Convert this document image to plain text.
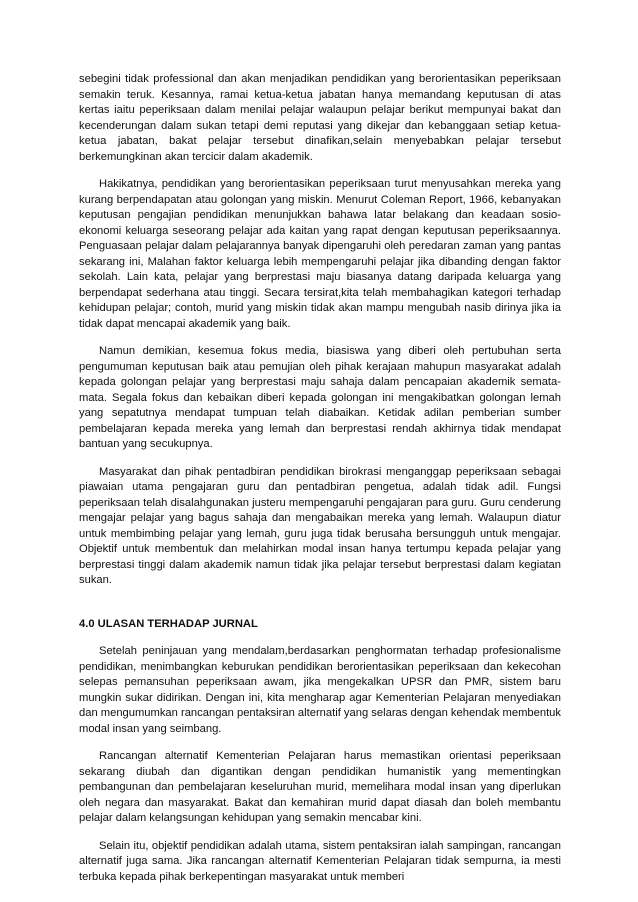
sebegini tidak professional dan akan menjadikan pendidikan yang berorientasikan peperiksaan semakin teruk. Kesannya, ramai ketua-ketua jabatan hanya memandang keputusan di atas kertas iaitu peperiksaan dalam menilai pelajar walaupun pelajar berikut mempunyai bakat dan kecenderungan dalam sukan tetapi demi reputasi yang dikejar dan kebanggaan setiap ketua-ketua jabatan, bakat pelajar tersebut dinafikan,selain menyebabkan pelajar tersebut berkemungkinan akan tercicir dalam akademik.

Hakikatnya, pendidikan yang berorientasikan peperiksaan turut menyusahkan mereka yang kurang berpendapatan atau golongan yang miskin. Menurut Coleman Report, 1966, kebanyakan keputusan pengajian pendidikan menunjukkan bahawa latar belakang dan keadaan sosio-ekonomi keluarga seseorang pelajar ada kaitan yang rapat dengan keputusan peperiksaannya. Penguasaan pelajar dalam pelajarannya banyak dipengaruhi oleh peredaran zaman yang pantas sekarang ini, Malahan faktor keluarga lebih mempengaruhi pelajar jika dibanding dengan faktor sekolah. Lain kata, pelajar yang berprestasi maju biasanya datang daripada keluarga yang berpendapat sederhana atau tinggi. Secara tersirat,kita telah membahagikan kategori terhadap kehidupan pelajar; contoh, murid yang miskin tidak akan mampu mengubah nasib dirinya jika ia tidak dapat mencapai akademik yang baik.

Namun demikian, kesemua fokus media, biasiswa yang diberi oleh pertubuhan serta pengumuman keputusan baik atau pemujian oleh pihak kerajaan mahupun masyarakat adalah kepada golongan pelajar yang berprestasi maju sahaja dalam pencapaian akademik semata-mata. Segala fokus dan kebaikan diberi kepada golongan ini mengakibatkan golongan lemah yang sepatutnya mendapat tumpuan telah diabaikan. Ketidak adilan pemberian sumber pembelajaran kepada mereka yang lemah dan berprestasi rendah akhirnya tidak mendapat bantuan yang secukupnya.

Masyarakat dan pihak pentadbiran pendidikan birokrasi menganggap peperiksaan sebagai piawaian utama pengajaran guru dan pentadbiran pengetua, adalah tidak adil. Fungsi peperiksaan telah disalahgunakan justeru mempengaruhi pengajaran para guru. Guru cenderung mengajar pelajar yang bagus sahaja dan mengabaikan mereka yang lemah. Walaupun diatur untuk membimbing pelajar yang lemah, guru juga tidak berusaha bersungguh untuk mengajar. Objektif untuk membentuk dan melahirkan modal insan hanya tertumpu kepada pelajar yang berprestasi tinggi dalam akademik namun tidak jika pelajar tersebut berprestasi dalam kegiatan sukan.

4.0 ULASAN TERHADAP JURNAL

Setelah peninjauan yang mendalam,berdasarkan penghormatan terhadap profesionalisme pendidikan, menimbangkan keburukan pendidikan berorientasikan peperiksaan dan kekecohan selepas pemansuhan peperiksaan awam, jika mengekalkan UPSR dan PMR, sistem baru mungkin sukar didirikan. Dengan ini, kita mengharap agar Kementerian Pelajaran menyediakan dan mengumumkan rancangan pentaksiran alternatif yang selaras dengan kehendak membentuk modal insan yang seimbang.

Rancangan alternatif Kementerian Pelajaran harus memastikan orientasi peperiksaan sekarang diubah dan digantikan dengan pendidikan humanistik yang mementingkan pembangunan dan pembelajaran keseluruhan murid, memelihara modal insan yang diperlukan oleh negara dan masyarakat. Bakat dan kemahiran murid dapat diasah dan boleh membantu pelajar dalam kelangsungan kehidupan yang semakin mencabar kini.

Selain itu, objektif pendidikan adalah utama, sistem pentaksiran ialah sampingan, rancangan alternatif juga sama. Jika rancangan alternatif Kementerian Pelajaran tidak sempurna, ia mesti terbuka kepada pihak berkepentingan masyarakat untuk memberi
